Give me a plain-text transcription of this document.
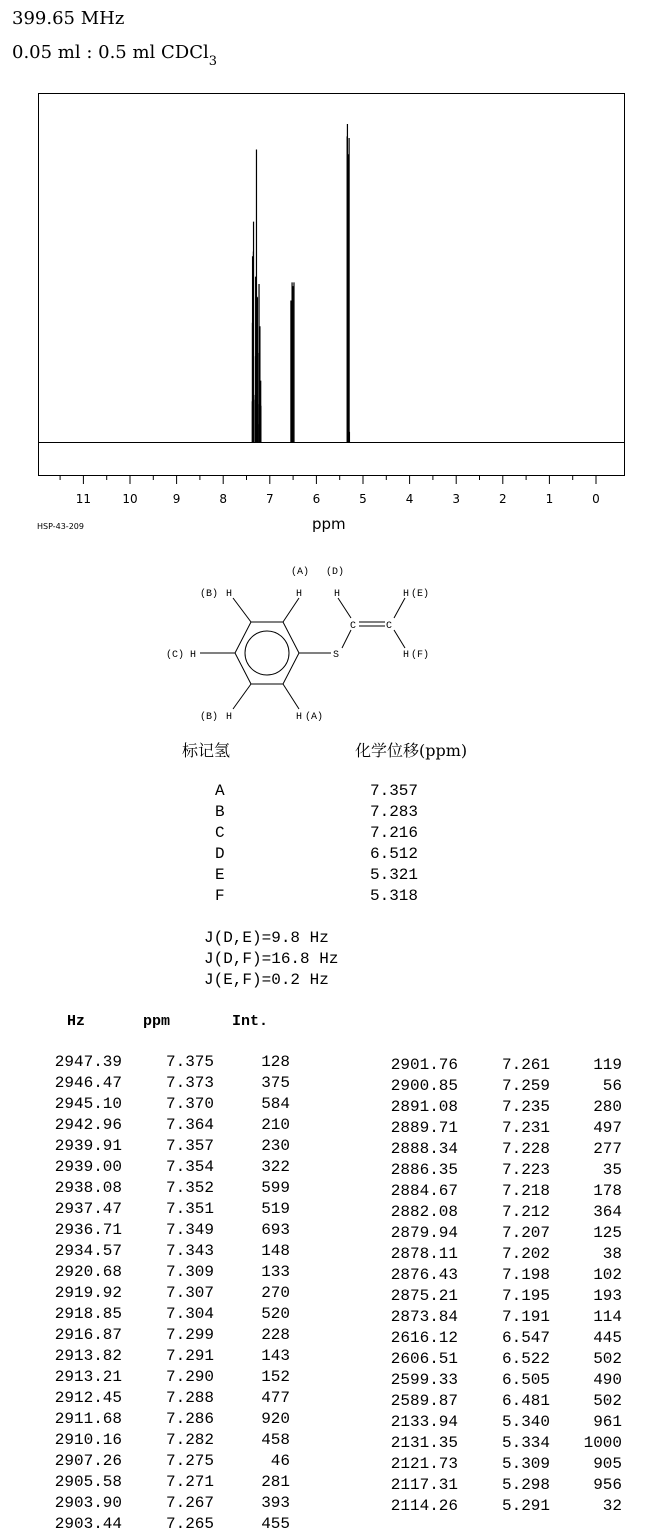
399.65 MHz
0.05 ml : 0.5 ml CDCl$_3$
11	10	9	8	7	6	5	4	3	2	1	0
HSP-43-209	ppm
(A) (D)
(B) H	H	H	H (E)
C	C
(C) H	S	H (F)
(B) H	H (A)
标记氢	化学位移(ppm)
A	7.357
B	7.283
C	7.216
D	6.512
E	5.321
F	5.318
J(D,E)=9.8 Hz
J(D,F)=16.8 Hz
J(E,F)=0.2 Hz
Hz	ppm	Int.
2947.39	7.375	128
2946.47	7.373	375
2945.10	7.370	584
2942.96	7.364	210
2939.91	7.357	230
2939.00	7.354	322
2938.08	7.352	599
2937.47	7.351	519
2936.71	7.349	693
2934.57	7.343	148
2920.68	7.309	133
2919.92	7.307	270
2918.85	7.304	520
2916.87	7.299	228
2913.82	7.291	143
2913.21	7.290	152
2912.45	7.288	477
2911.68	7.286	920
2910.16	7.282	458
2907.26	7.275	46
2905.58	7.271	281
2903.90	7.267	393
2903.44	7.265	455
2901.76	7.261	119
2900.85	7.259	56
2891.08	7.235	280
2889.71	7.231	497
2888.34	7.228	277
2886.35	7.223	35
2884.67	7.218	178
2882.08	7.212	364
2879.94	7.207	125
2878.11	7.202	38
2876.43	7.198	102
2875.21	7.195	193
2873.84	7.191	114
2616.12	6.547	445
2606.51	6.522	502
2599.33	6.505	490
2589.87	6.481	502
2133.94	5.340	961
2131.35	5.334	1000
2121.73	5.309	905
2117.31	5.298	956
2114.26	5.291	32
